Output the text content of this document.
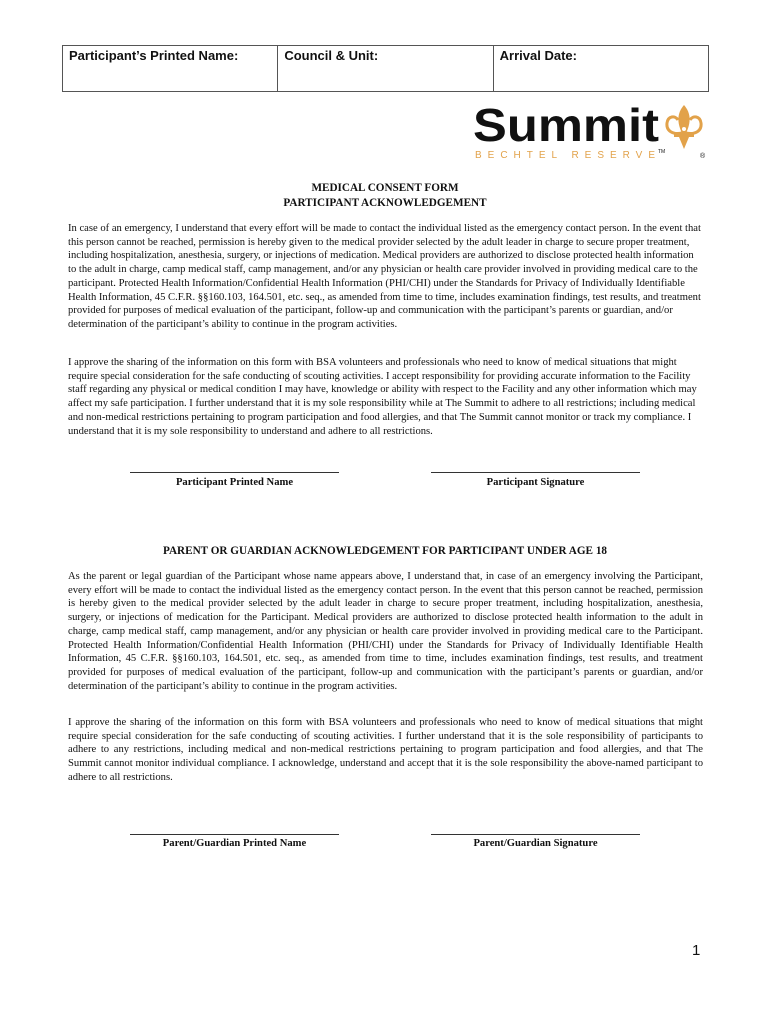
Participant’s Printed Name:	Council & Unit:	Arrival Date:
Summit
BECHTEL RESERVE TM
®
MEDICAL CONSENT FORM
PARTICIPANT ACKNOWLEDGEMENT

In case of an emergency, I understand that every effort will be made to contact the individual listed as the emergency contact person. In the event that this person cannot be reached, permission is hereby given to the medical provider selected by the adult leader in charge to secure proper treatment, including hospitalization, anesthesia, surgery, or injections of medication. Medical providers are authorized to disclose protected health information to the adult in charge, camp medical staff, camp management, and/or any physician or health care provider involved in providing medical care to the participant. Protected Health Information/Confidential Health Information (PHI/CHI) under the Standards for Privacy of Individually Identifiable Health Information, 45 C.F.R. §§160.103, 164.501, etc. seq., as amended from time to time, includes examination findings, test results, and treatment provided for purposes of medical evaluation of the participant, follow-up and communication with the participant’s parents or guardian, and/or determination of the participant’s ability to continue in the program activities.

I approve the sharing of the information on this form with BSA volunteers and professionals who need to know of medical situations that might require special consideration for the safe conducting of scouting activities. I accept responsibility for providing accurate information to the Facility staff regarding any physical or medical condition I may have, knowledge or ability with respect to the Facility and any other information which may affect my safe participation. I further understand that it is my sole responsibility while at The Summit to adhere to all restrictions; including medical and non-medical restrictions pertaining to program participation and food allergies, and that The Summit cannot monitor or track my compliance. I understand that it is my sole responsibility to understand and adhere to all restrictions.

Participant Printed Name	Participant Signature
PARENT OR GUARDIAN ACKNOWLEDGEMENT FOR PARTICIPANT UNDER AGE 18

As the parent or legal guardian of the Participant whose name appears above, I understand that, in case of an emergency involving the Participant, every effort will be made to contact the individual listed as the emergency contact person. In the event that this person cannot be reached, permission is hereby given to the medical provider selected by the adult leader in charge to secure proper treatment, including hospitalization, anesthesia, surgery, or injections of medication for the Participant. Medical providers are authorized to disclose protected health information to the adult in charge, camp medical staff, camp management, and/or any physician or health care provider involved in providing medical care to the Participant. Protected Health Information/Confidential Health Information (PHI/CHI) under the Standards for Privacy of Individually Identifiable Health Information, 45 C.F.R. §§160.103, 164.501, etc. seq., as amended from time to time, includes examination findings, test results, and treatment provided for purposes of medical evaluation of the participant, follow-up and communication with the participant’s parents or guardian, and/or determination of the participant’s ability to continue in the program activities.

I approve the sharing of the information on this form with BSA volunteers and professionals who need to know of medical situations that might require special consideration for the safe conducting of scouting activities. I further understand that it is the sole responsibility of participants to adhere to any restrictions, including medical and non-medical restrictions pertaining to program participation and food allergies, and that The Summit cannot monitor individual compliance. I acknowledge, understand and accept that it is the sole responsibility the above-named participant to adhere to all restrictions.

Parent/Guardian Printed Name	Parent/Guardian Signature
1
